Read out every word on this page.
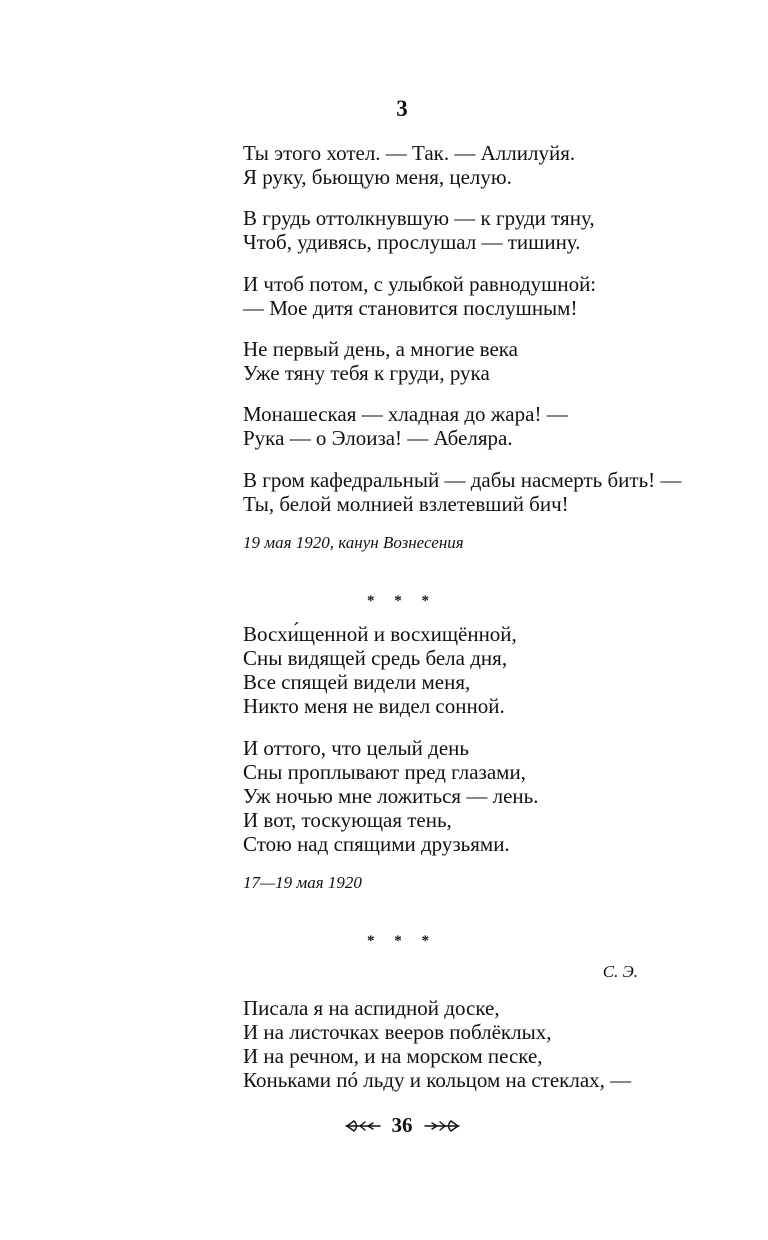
3
Ты этого хотел. — Так. — Аллилуйя.
Я руку, бьющую меня, целую.
В грудь оттолкнувшую — к груди тяну,
Чтоб, удивясь, прослушал — тишину.
И чтоб потом, с улыбкой равнодушной:
— Мое дитя становится послушным!
Не первый день, а многие века
Уже тяну тебя к груди, рука
Монашеская — хладная до жара! —
Рука — о Элоиза! — Абеляра.
В гром кафедральный — дабы насмерть бить! —
Ты, белой молнией взлетевший бич!
19 мая 1920, канун Вознесения
* * *
Восхи́щенной и восхищённой,
Сны видящей средь бела дня,
Все спящей видели меня,
Никто меня не видел сонной.
И оттого, что целый день
Сны проплывают пред глазами,
Уж ночью мне ложиться — лень.
И вот, тоскующая тень,
Стою над спящими друзьями.
17—19 мая 1920
* * *
С. Э.
Писала я на аспидной доске,
И на листочках вееров поблёклых,
И на речном, и на морском песке,
Коньками пó льду и кольцом на стеклах, —
36
